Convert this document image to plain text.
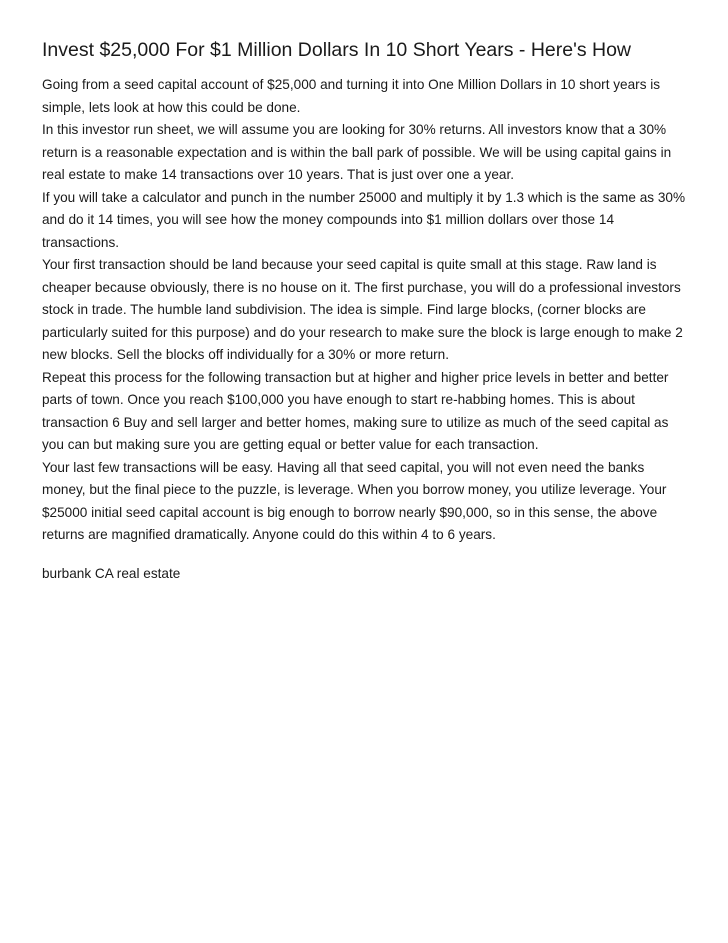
Invest $25,000 For $1 Million Dollars In 10 Short Years - Here's How

Going from a seed capital account of $25,000 and turning it into One Million Dollars in 10 short years is simple, lets look at how this could be done.

In this investor run sheet, we will assume you are looking for 30% returns. All investors know that a 30% return is a reasonable expectation and is within the ball park of possible. We will be using capital gains in real estate to make 14 transactions over 10 years. That is just over one a year.

If you will take a calculator and punch in the number 25000 and multiply it by 1.3 which is the same as 30% and do it 14 times, you will see how the money compounds into $1 million dollars over those 14 transactions.

Your first transaction should be land because your seed capital is quite small at this stage. Raw land is cheaper because obviously, there is no house on it. The first purchase, you will do a professional investors stock in trade. The humble land subdivision. The idea is simple. Find large blocks, (corner blocks are particularly suited for this purpose) and do your research to make sure the block is large enough to make 2 new blocks. Sell the blocks off individually for a 30% or more return.

Repeat this process for the following transaction but at higher and higher price levels in better and better parts of town. Once you reach $100,000 you have enough to start re-habbing homes. This is about transaction 6 Buy and sell larger and better homes, making sure to utilize as much of the seed capital as you can but making sure you are getting equal or better value for each transaction.

Your last few transactions will be easy. Having all that seed capital, you will not even need the banks money, but the final piece to the puzzle, is leverage. When you borrow money, you utilize leverage. Your $25000 initial seed capital account is big enough to borrow nearly $90,000, so in this sense, the above returns are magnified dramatically. Anyone could do this within 4 to 6 years.

burbank CA real estate
